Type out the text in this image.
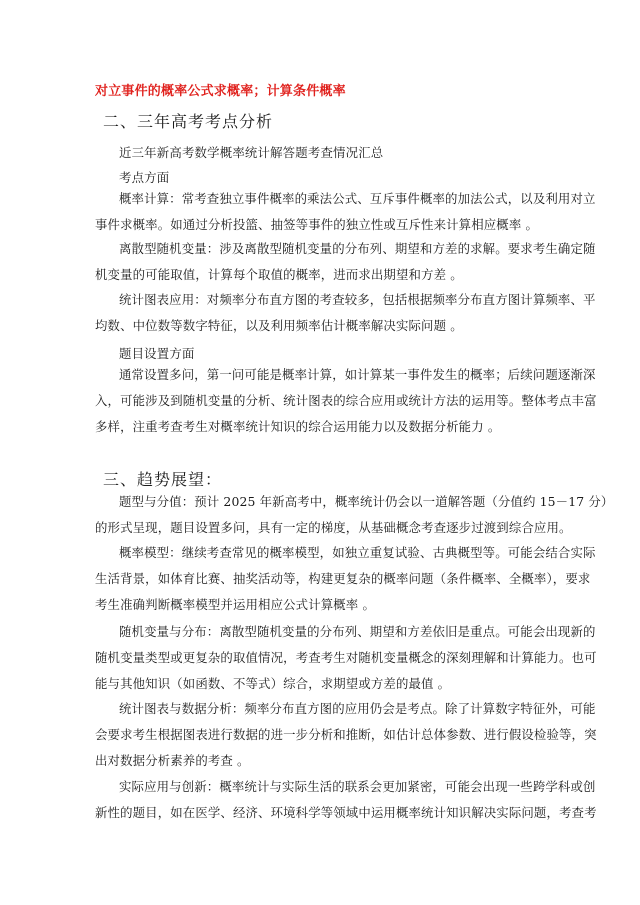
对立事件的概率公式求概率；计算条件概率
二、三年高考考点分析
近三年新高考数学概率统计解答题考查情况汇总
考点方面
概率计算：常考查独立事件概率的乘法公式、互斥事件概率的加法公式，以及利用对立
事件求概率。如通过分析投篮、抽签等事件的独立性或互斥性来计算相应概率 。
离散型随机变量：涉及离散型随机变量的分布列、期望和方差的求解。要求考生确定随
机变量的可能取值，计算每个取值的概率，进而求出期望和方差 。
统计图表应用：对频率分布直方图的考查较多，包括根据频率分布直方图计算频率、平
均数、中位数等数字特征，以及利用频率估计概率解决实际问题 。
题目设置方面
通常设置多问，第一问可能是概率计算，如计算某一事件发生的概率；后续问题逐渐深
入，可能涉及到随机变量的分析、统计图表的综合应用或统计方法的运用等。整体考点丰富
多样，注重考查考生对概率统计知识的综合运用能力以及数据分析能力 。
三、趋势展望：
题型与分值：预计 2025 年新高考中，概率统计仍会以一道解答题（分值约 15－17 分）
的形式呈现，题目设置多问，具有一定的梯度，从基础概念考查逐步过渡到综合应用。
概率模型：继续考查常见的概率模型，如独立重复试验、古典概型等。可能会结合实际
生活背景，如体育比赛、抽奖活动等，构建更复杂的概率问题（条件概率、全概率），要求
考生准确判断概率模型并运用相应公式计算概率 。
随机变量与分布：离散型随机变量的分布列、期望和方差依旧是重点。可能会出现新的
随机变量类型或更复杂的取值情况，考查考生对随机变量概念的深刻理解和计算能力。也可
能与其他知识（如函数、不等式）综合，求期望或方差的最值 。
统计图表与数据分析：频率分布直方图的应用仍会是考点。除了计算数字特征外，可能
会要求考生根据图表进行数据的进一步分析和推断，如估计总体参数、进行假设检验等，突
出对数据分析素养的考查 。
实际应用与创新：概率统计与实际生活的联系会更加紧密，可能会出现一些跨学科或创
新性的题目，如在医学、经济、环境科学等领域中运用概率统计知识解决实际问题，考查考
